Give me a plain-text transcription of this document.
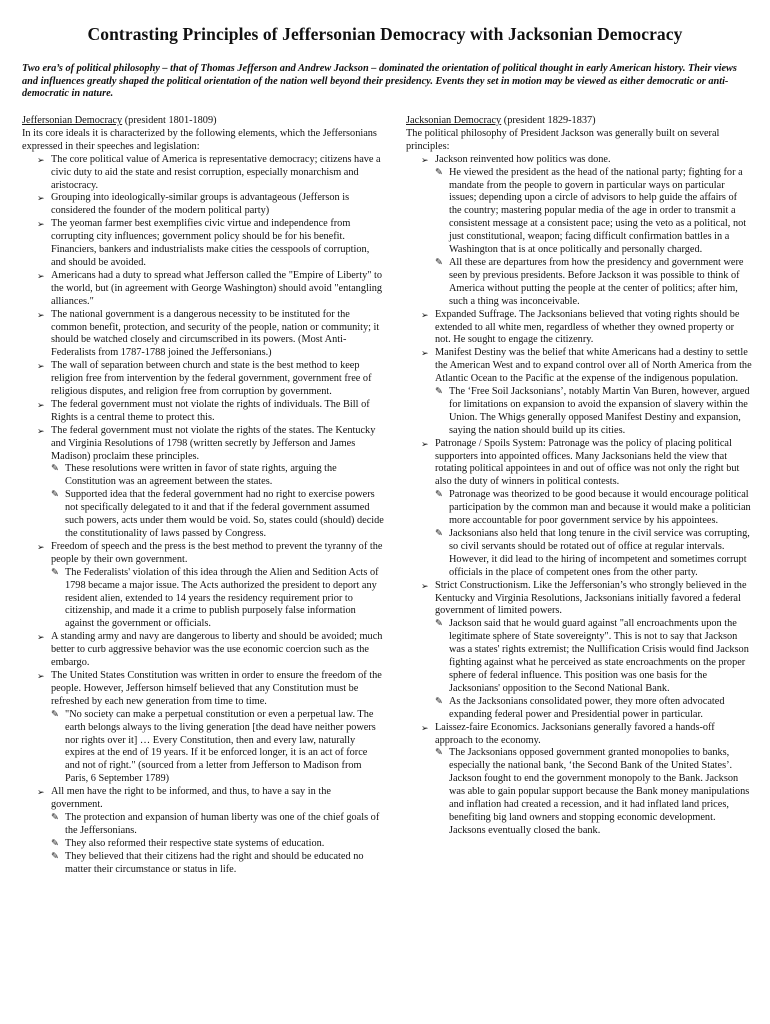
Contrasting Principles of Jeffersonian Democracy with Jacksonian Democracy
Two era’s of political philosophy – that of Thomas Jefferson and Andrew Jackson – dominated the orientation of political thought in early American history. Their views and influences greatly shaped the political orientation of the nation well beyond their presidency. Events they set in motion may be viewed as either democratic or anti-democratic in nature.
Jeffersonian Democracy (president 1801-1809)
In its core ideals it is characterized by the following elements, which the Jeffersonians expressed in their speeches and legislation:
➢ The core political value of America is representative democracy; citizens have a civic duty to aid the state and resist corruption, especially monarchism and aristocracy.
➢ Grouping into ideologically-similar groups is advantageous (Jefferson is considered the founder of the modern political party)
➢ The yeoman farmer best exemplifies civic virtue and independence from corrupting city influences; government policy should be for his benefit. Financiers, bankers and industrialists make cities the cesspools of corruption, and should be avoided.
➢ Americans had a duty to spread what Jefferson called the "Empire of Liberty" to the world, but (in agreement with George Washington) should avoid "entangling alliances."
➢ The national government is a dangerous necessity to be instituted for the common benefit, protection, and security of the people, nation or community; it should be watched closely and circumscribed in its powers. (Most Anti-Federalists from 1787-1788 joined the Jeffersonians.)
➢ The wall of separation between church and state is the best method to keep religion free from intervention by the federal government, government free of religious disputes, and religion free from corruption by government.
➢ The federal government must not violate the rights of individuals. The Bill of Rights is a central theme to protect this.
➢ The federal government must not violate the rights of the states. The Kentucky and Virginia Resolutions of 1798 (written secretly by Jefferson and James Madison) proclaim these principles.
✎ These resolutions were written in favor of state rights, arguing the Constitution was an agreement between the states.
✎ Supported idea that the federal government had no right to exercise powers not specifically delegated to it and that if the federal government assumed such powers, acts under them would be void. So, states could (should) decide the constitutionality of laws passed by Congress.
➢ Freedom of speech and the press is the best method to prevent the tyranny of the people by their own government.
✎ The Federalists' violation of this idea through the Alien and Sedition Acts of 1798 became a major issue. The Acts authorized the president to deport any resident alien, extended to 14 years the residency requirement prior to citizenship, and made it a crime to publish purposely false information against the government or officials.
➢ A standing army and navy are dangerous to liberty and should be avoided; much better to curb aggressive behavior was the use economic coercion such as the embargo.
➢ The United States Constitution was written in order to ensure the freedom of the people. However, Jefferson himself believed that any Constitution must be refreshed by each new generation from time to time.
✎ "No society can make a perpetual constitution or even a perpetual law. The earth belongs always to the living generation [the dead have neither powers nor rights over it] … Every Constitution, then and every law, naturally expires at the end of 19 years. If it be enforced longer, it is an act of force and not of right." (sourced from a letter from Jefferson to Madison from Paris, 6 September 1789)
➢ All men have the right to be informed, and thus, to have a say in the government.
✎ The protection and expansion of human liberty was one of the chief goals of the Jeffersonians.
✎ They also reformed their respective state systems of education.
✎ They believed that their citizens had the right and should be educated no matter their circumstance or status in life.
Jacksonian Democracy (president 1829-1837)
The political philosophy of President Jackson was generally built on several principles:
➢ Jackson reinvented how politics was done.
✎ He viewed the president as the head of the national party; fighting for a mandate from the people to govern in particular ways on particular issues; depending upon a circle of advisors to help guide the affairs of the country; mastering popular media of the age in order to transmit a consistent message at a consistent pace; using the veto as a political, not just constitutional, weapon; facing difficult confirmation battles in a Washington that is at once politically and personally charged.
✎ All these are departures from how the presidency and government were seen by previous presidents. Before Jackson it was possible to think of America without putting the people at the center of politics; after him, such a thing was inconceivable.
➢ Expanded Suffrage. The Jacksonians believed that voting rights should be extended to all white men, regardless of whether they owned property or not. He sought to engage the citizenry.
➢ Manifest Destiny was the belief that white Americans had a destiny to settle the American West and to expand control over all of North America from the Atlantic Ocean to the Pacific at the expense of the indigenous population.
✎ The ‘Free Soil Jacksonians’, notably Martin Van Buren, however, argued for limitations on expansion to avoid the expansion of slavery within the Union. The Whigs generally opposed Manifest Destiny and expansion, saying the nation should build up its cities.
➢ Patronage / Spoils System: Patronage was the policy of placing political supporters into appointed offices. Many Jacksonians held the view that rotating political appointees in and out of office was not only the right but also the duty of winners in political contests.
✎ Patronage was theorized to be good because it would encourage political participation by the common man and because it would make a politician more accountable for poor government service by his appointees.
✎ Jacksonians also held that long tenure in the civil service was corrupting, so civil servants should be rotated out of office at regular intervals. However, it did lead to the hiring of incompetent and sometimes corrupt officials in the place of competent ones from the other party.
➢ Strict Constructionism. Like the Jeffersonian’s who strongly believed in the Kentucky and Virginia Resolutions, Jacksonians initially favored a federal government of limited powers.
✎ Jackson said that he would guard against "all encroachments upon the legitimate sphere of State sovereignty". This is not to say that Jackson was a states' rights extremist; the Nullification Crisis would find Jackson fighting against what he perceived as state encroachments on the proper sphere of federal influence. This position was one basis for the Jacksonians' opposition to the Second National Bank.
✎ As the Jacksonians consolidated power, they more often advocated expanding federal power and Presidential power in particular.
➢ Laissez-faire Economics. Jacksonians generally favored a hands-off approach to the economy.
✎ The Jacksonians opposed government granted monopolies to banks, especially the national bank, ‘the Second Bank of the United States’. Jackson fought to end the government monopoly to the Bank. Jackson was able to gain popular support because the Bank money manipulations and inflation had created a recession, and it had inflated land prices, benefiting big land owners and stopping economic development. Jacksons eventually closed the bank.
